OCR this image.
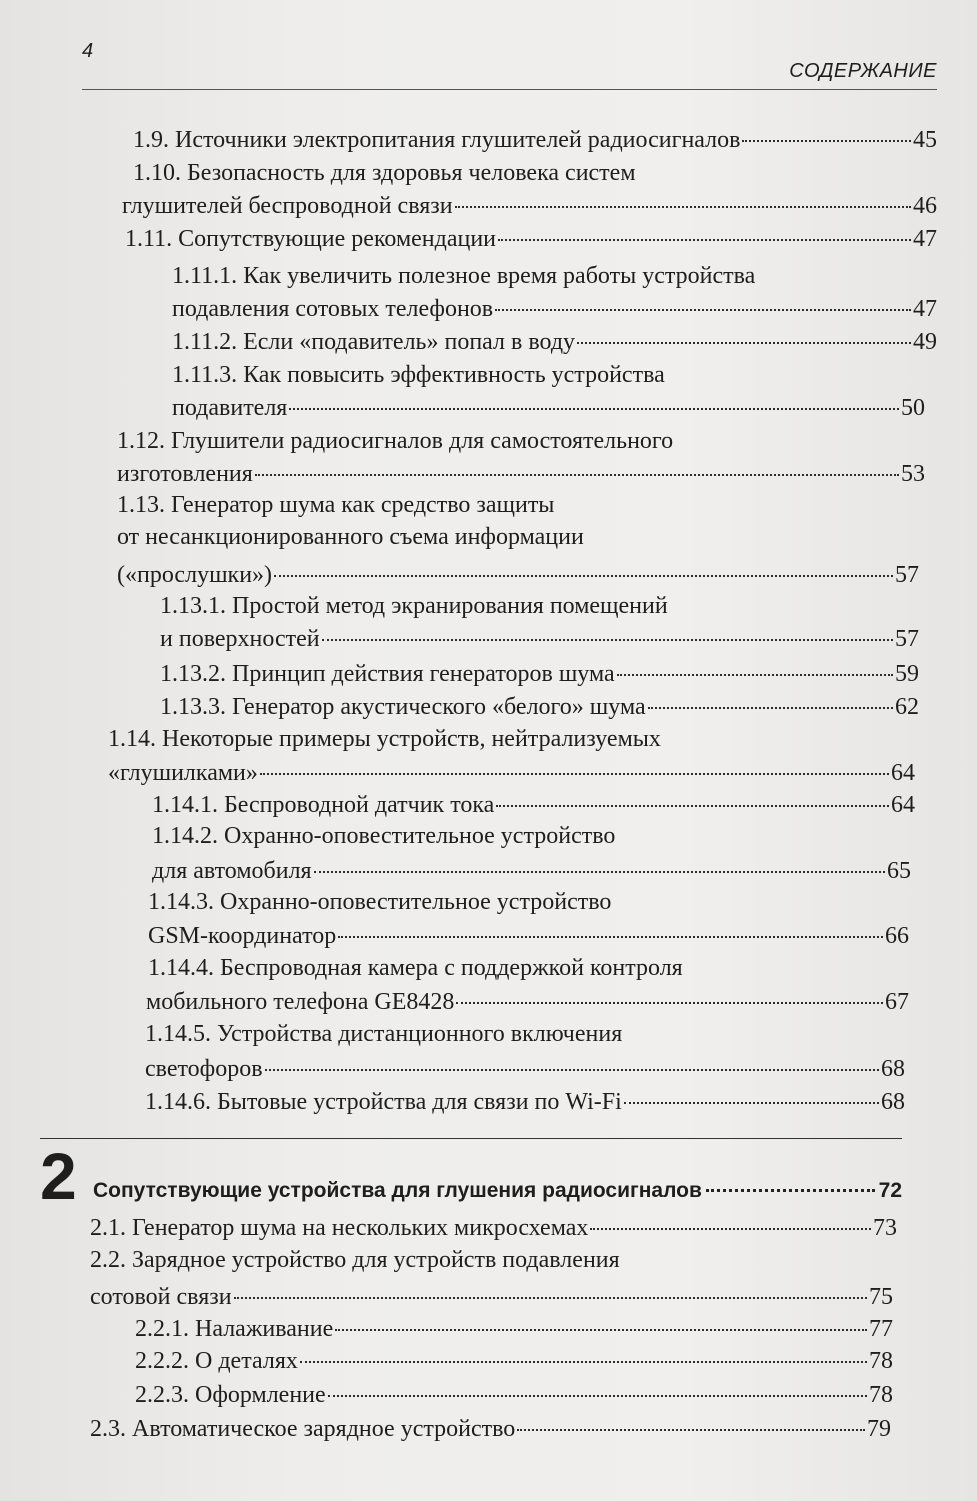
4
СОДЕРЖАНИЕ
1.9. Источники электропитания глушителей радиосигналов	45
1.10. Безопасность для здоровья человека систем
глушителей беспроводной связи	46
1.11. Сопутствующие рекомендации	47
1.11.1. Как увеличить полезное время работы устройства
подавления сотовых телефонов	47
1.11.2. Если «подавитель» попал в воду	49
1.11.3. Как повысить эффективность устройства
подавителя	50
1.12. Глушители радиосигналов для самостоятельного
изготовления	53
1.13. Генератор шума как средство защиты
от несанкционированного съема информации
(«прослушки»)	57
1.13.1. Простой метод экранирования помещений
и поверхностей	57
1.13.2. Принцип действия генераторов шума	59
1.13.3. Генератор акустического «белого» шума	62
1.14. Некоторые примеры устройств, нейтрализуемых
«глушилками»	64
1.14.1. Беспроводной датчик тока	64
1.14.2. Охранно-оповестительное устройство
для автомобиля	65
1.14.3. Охранно-оповестительное устройство
GSM-координатор	66
1.14.4. Беспроводная камера с поддержкой контроля
мобильного телефона GE8428	67
1.14.5. Устройства дистанционного включения
светофоров	68
1.14.6. Бытовые устройства для связи по Wi-Fi	68
2 Сопутствующие устройства для глушения радиосигналов	72
2.1. Генератор шума на нескольких микросхемах	73
2.2. Зарядное устройство для устройств подавления
сотовой связи	75
2.2.1. Налаживание	77
2.2.2. О деталях	78
2.2.3. Оформление	78
2.3. Автоматическое зарядное устройство	79
